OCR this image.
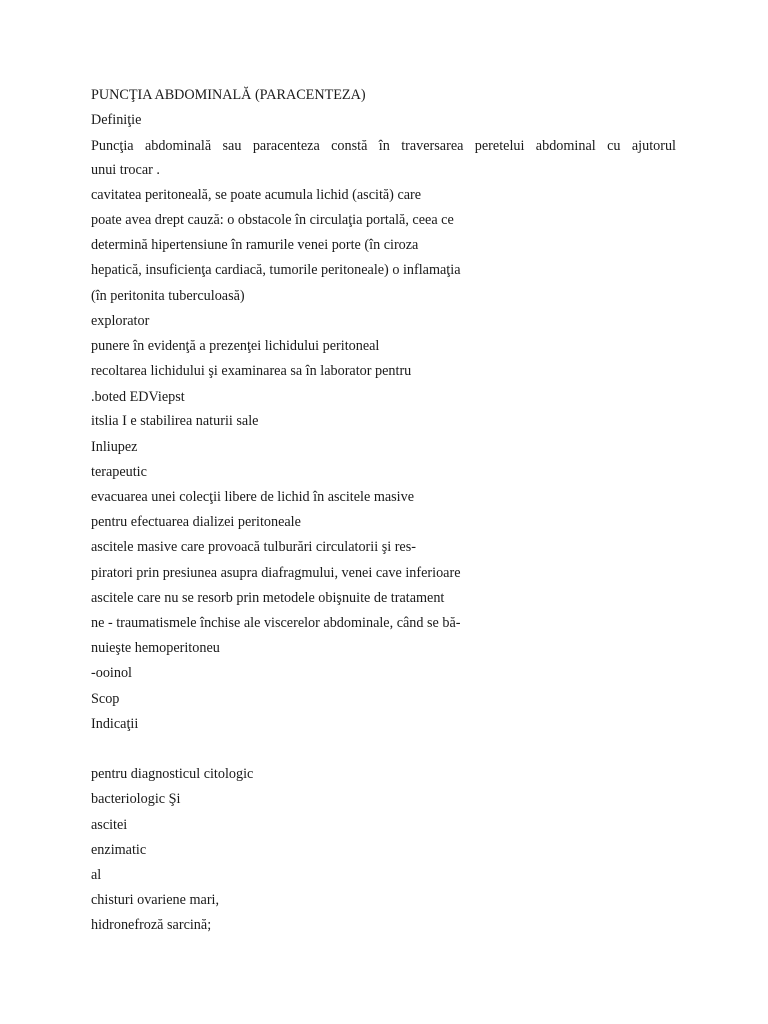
PUNCŢIA ABDOMINALĂ (PARACENTEZA)
Definiţie
Puncţia abdominală sau paracenteza constă în traversarea peretelui abdominal cu ajutorul
unui trocar .
cavitatea peritoneală, se poate acumula lichid (ascită) care
poate avea drept cauză: o obstacole în circulaţia portală, ceea ce
determină hipertensiune în ramurile venei porte (în ciroza
hepatică, insuficienţa cardiacă, tumorile peritoneale) o inflamaţia
(în peritonita tuberculoasă)
explorator
punere în evidenţă a prezenţei lichidului peritoneal
recoltarea lichidului şi examinarea sa în laborator pentru
.boted EDViepst
itslia I e stabilirea naturii sale
Inliupez
terapeutic
evacuarea unei colecţii libere de lichid în ascitele masive
pentru efectuarea dializei peritoneale
ascitele masive care provoacă tulburări circulatorii şi res-
piratori prin presiunea asupra diafragmului, venei cave inferioare
ascitele care nu se resorb prin metodele obişnuite de tratament
ne - traumatismele închise ale viscerelor abdominale, când se bă-
nuieşte hemoperitoneu
-ooinol
Scop
Indicaţii
pentru diagnosticul citologic
bacteriologic Şi
ascitei
enzimatic
al
chisturi ovariene mari,
hidronefroză sarcină;
